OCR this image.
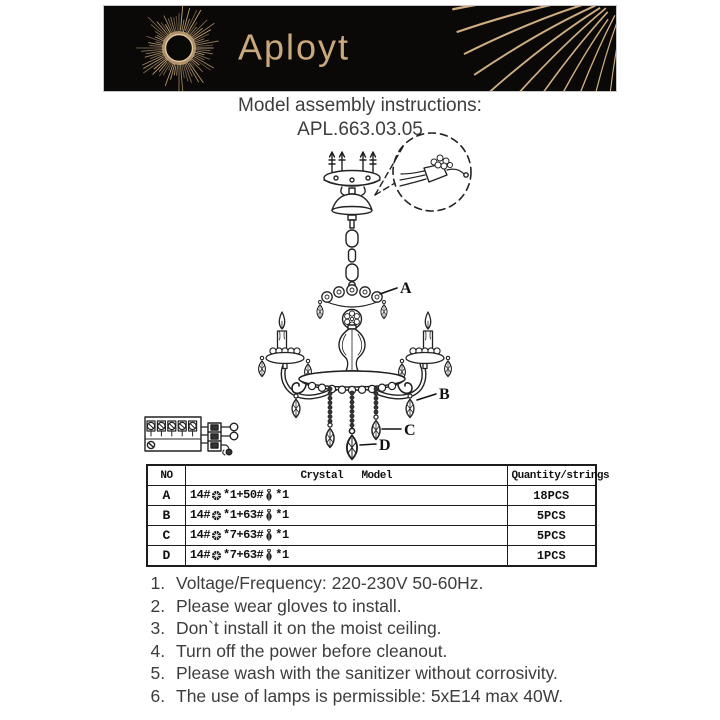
Aployt
Model assembly instructions:
APL.663.03.05
A
B
C
D
NO	Crystal   Model	Quantity/strings
A	14# *1+50# *1	18PCS
B	14# *1+63# *1	5PCS
C	14# *7+63# *1	5PCS
D	14# *7+63# *1	1PCS
1. Voltage/Frequency: 220-230V 50-60Hz.
2. Please wear gloves to install.
3. Don`t install it on the moist ceiling.
4. Turn off the power before cleanout.
5. Please wash with the sanitizer without corrosivity.
6. The use of lamps is permissible: 5xE14 max 40W.
